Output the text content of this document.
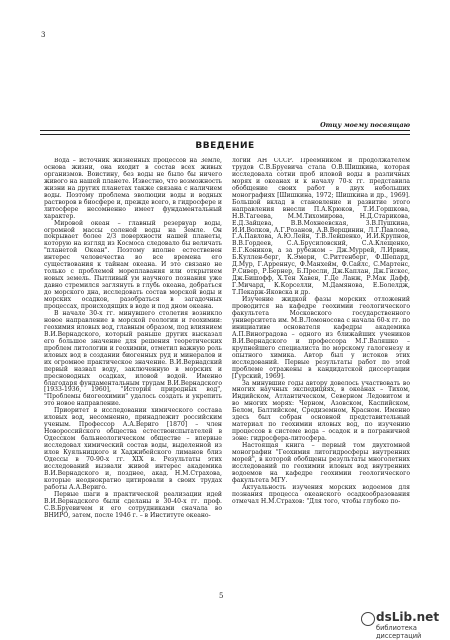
3
Отцу моему посвящаю
ВВЕДЕНИЕ

Вода – источник жизненных процессов на Земле, основа жизни, она входит в состав всех живых организмов. Воистину, без воды не было бы ничего живого на нашей планете. Известно, что возможность жизни на других планетах также связана с наличием воды. Поэтому проблема эволюции воды и водных растворов в биосфере и, прежде всего, в гидросфере и литосфере несомненно имеет фундаментальный характер.

Мировой океан – главный резервуар воды, огромной массы соленой воды на Земле. Он покрывает более 2/3 поверхности нашей планеты, которую на взгляд из Космоса следовало бы величать "планетой Океан". Поэтому вполне естественен интерес человечества во все времена его существования к тайнам океана. И это связано не только с проблемой мореплавания или открытием новых земель. Пытливый ум научного познания уже давно стремился заглянуть в глубь океана, добраться до морского дна, исследовать состав морской воды и морских осадков, разобраться в загадочных процессах, происходящих в воде и под дном океана.

В начале 30-х гг. минувшего столетия возникло новое направление в морской геологии и геохимии: геохимия иловых вод, главным образом, под влиянием В.И.Вернадского, который раньше других высказал его большое значение для решения теоретических проблем литологии и геохимии, отметил важную роль иловых вод в создании биогенных руд и минералов и их огромное практическое значение. В.И.Вернадский первый назвал воду, заключенную в морских и пресноводных осадках, иловой водой. Именно благодаря фундаментальным трудам В.И.Вернадского [1933-1936, 1960], "История природных вод", "Проблемы биогеохимии" удалось создать и укрепить это новое направление.

Приоритет в исследовании химического состава иловых вод, несомненно, принадлежит российским ученым. Профессор А.А.Вериго [1870] – член Новороссийского общества естествоиспытателей в Одесском бальнеологическом обществе – впервые исследовал химический состав воды, выделенной из илов Куяльницкого и Хаджибейского лиманов близ Одессы в 70-90-х гг. XIX в. Результаты этих исследований вызвали живой интерес академика В.И.Вернадского и, позднее, акад. Н.М.Страхова, которые неоднократно цитировали в своих трудах работы А.А.Вериго.

Первые шаги в практической реализации идей В.И.Вернадского были сделаны в 30-40-х гг. проф. С.В.Бруевичем и его сотрудниками сначала во ВНИРО, затем, после 1946 г. – в Институте океано-

логии АН СССР. Преемником и продолжателем трудов С.В.Бруевича стала О.В.Шишкина, которая исследовала сотни проб иловой воды в различных морях и океанах и к началу 70-х гг. представила обобщение своих работ в двух небольших монографиях [Шишкина, 1972; Шишкина и др., 1969]. Большой вклад в становление и развитие этого направления внесли П.А.Крюков, Т.И.Горшкова, Н.В.Тагеева, М.М.Тихомирова, Н.Д.Старикова, Е.Д.Зайцева, В.В.Мохнеевская, З.В.Пушкина, И.И.Волков, А.Г.Розанов, А.В.Верщинин, Л.Г.Павлова, Г.А.Павлова, А.Ю.Лейн, Т.В.Левшенко, И.И.Крупнов, В.В.Гордеев, С.А.Брусиловский, С.А.Клещенко, Е.Г.Коников, а за рубежом – Дж.Муррей, Л.Ирвин, Б.Куллен-берг, К.Эмери, С.Риттенберг, Ф.Шепард, Д.Мур, Г.Арреннус, Ф.Манхейм, Ф.Сайлс, С.Мартенс, Р.Сивер, Р.Бернер, Б.Пресли, Дж.Каплан, Дж.Гискес, Дж.Бишофф, Х.Тен Хавен, Г.Де Ланж, Р.Мак Дафф, Г.Мичард, К.Корселли, М.Дамянова, Е.Болелдж, Т.Пекарж-Яковска и др.

Изучение жидкой фазы морских отложений проводится на кафедре геохимии геологического факультета Московского государственного университета им. М.В.Ломоносова с начала 60-х гг. по инициативе основателя кафедры академика А.П.Виноградова – одного из ближайших учеников В.И.Вернадского и профессора М.Г.Валяшко – крупнейшего специалиста по морскому галогенезу и опытного химика. Автор был у истоков этих исследований. Первые результаты работ по этой проблеме отражены в кандидатской диссертации [Гурский, 1969].

За минувшие годы автору довелось участвовать во многих научных экспедициях, в океанах – Тихом, Индийском, Атлантическом, Северном Ледовитом и во многих морях: Черном, Азовском, Каспийском, Белом, Балтийском, Средиземном, Красном. Именно здесь был собран основной представительный материал по геохимии иловых вод, по изучению процессов в системе вода – осадок и в пограничной зоне: гидросфера-литосфера.

Настоящая книга – первый том двухтомной монографии "Геохимия литогидросферы внутренних морей", в которой обобщены результаты многолетних исследований по геохимии иловых вод внутренних водоемов на кафедре геохимии геологического факультета МГУ.

Актуальность изучения морских водоемов для познания процесса океанского осадкообразования отмечал Н.М.Страхов: "Для того, чтобы глубоко по-

5
dsLib.net
библиотека диссертаций
